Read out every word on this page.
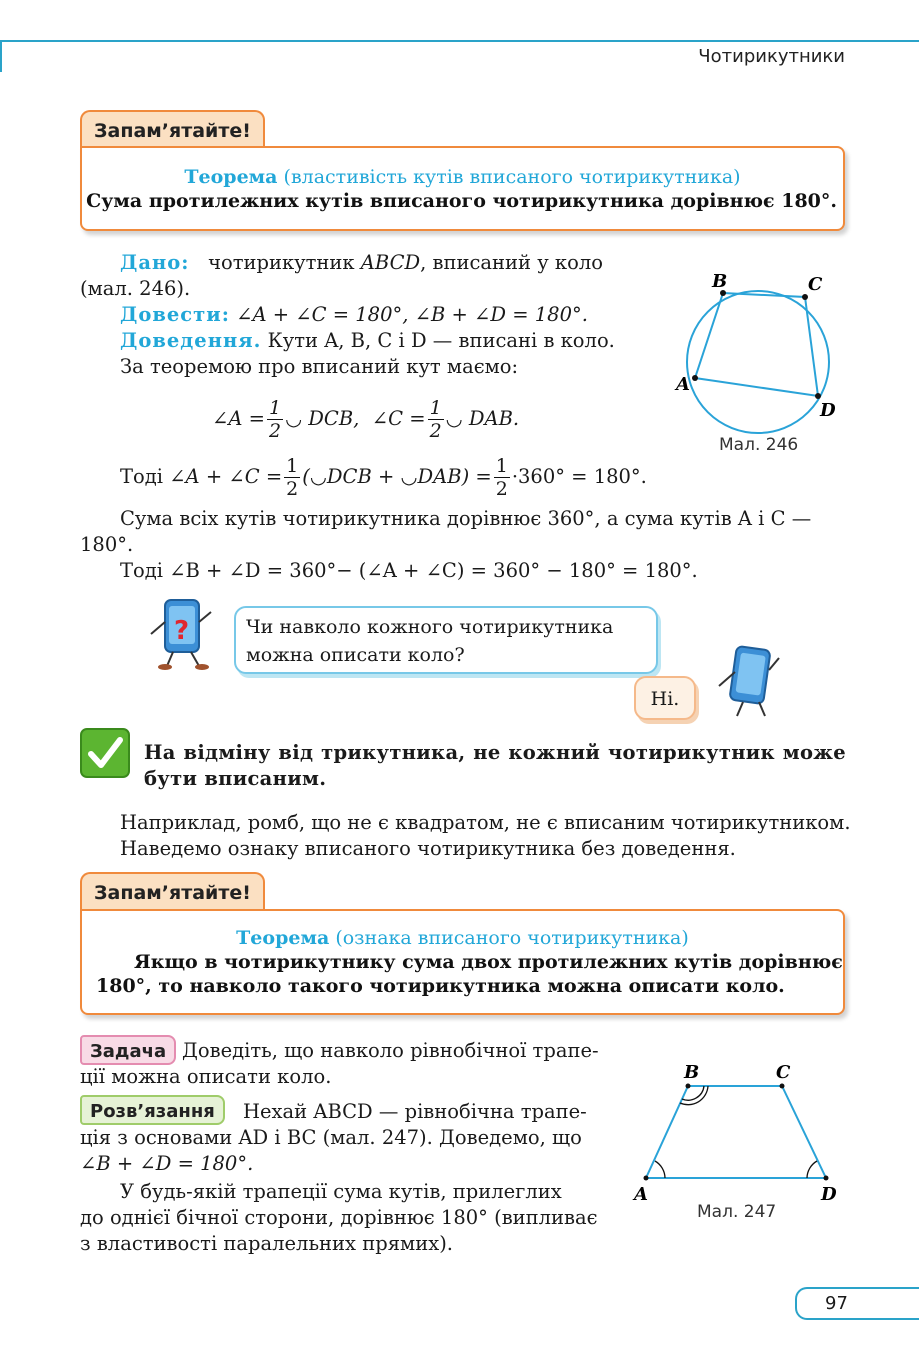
Чотирикутники
Запам’ятайте!
Теорема (властивість кутів вписаного чотирикутника)
Сума протилежних кутів вписаного чотирикутника дорівнює 180°.
Дано: чотирикутник ABCD, вписаний у коло
(мал. 246).
Довести: ∠A + ∠C = 180°, ∠B + ∠D = 180°.
Доведення. Кути A, B, C і D — вписані в коло.
За теоремою про вписаний кут маємо:
∠A = $\frac{1}{2}$ ◡ DCB, ∠C = $\frac{1}{2}$ ◡ DAB.
Тоді ∠A + ∠C = $\frac{1}{2}$ (◡DCB + ◡DAB) = $\frac{1}{2} \cdot 360^\circ = 180^\circ$.
Сума всіх кутів чотирикутника дорівнює 360°, а сума кутів A і C —
180°.
Тоді ∠B + ∠D = 360°− (∠A + ∠C) = 360° − 180° = 180°.
B	C
D
A
Мал. 246
?	Чи навколо кожного чотирикутника можна описати коло?
Ні.
На відміну від трикутника, не кожний чотирикутник може бути вписаним.
Наприклад, ромб, що не є квадратом, не є вписаним чотирикутником.
Наведемо ознаку вписаного чотирикутника без доведення.
Запам’ятайте!
Теорема (ознака вписаного чотирикутника)
Якщо в чотирикутнику сума двох протилежних кутів дорівнює
180°, то навколо такого чотирикутника можна описати коло.
Задача Доведіть, що навколо рівнобічної трапе-
ції можна описати коло.
Розв’язання	Нехай ABCD — рівнобічна трапе-
ція з основами AD і BC (мал. 247). Доведемо, що
∠B + ∠D = 180°.
У будь-якій трапеції сума кутів, прилеглих
до однієї бічної сторони, дорівнює 180° (випливає
з властивості паралельних прямих).
B	C
A	D
Мал. 247
97
